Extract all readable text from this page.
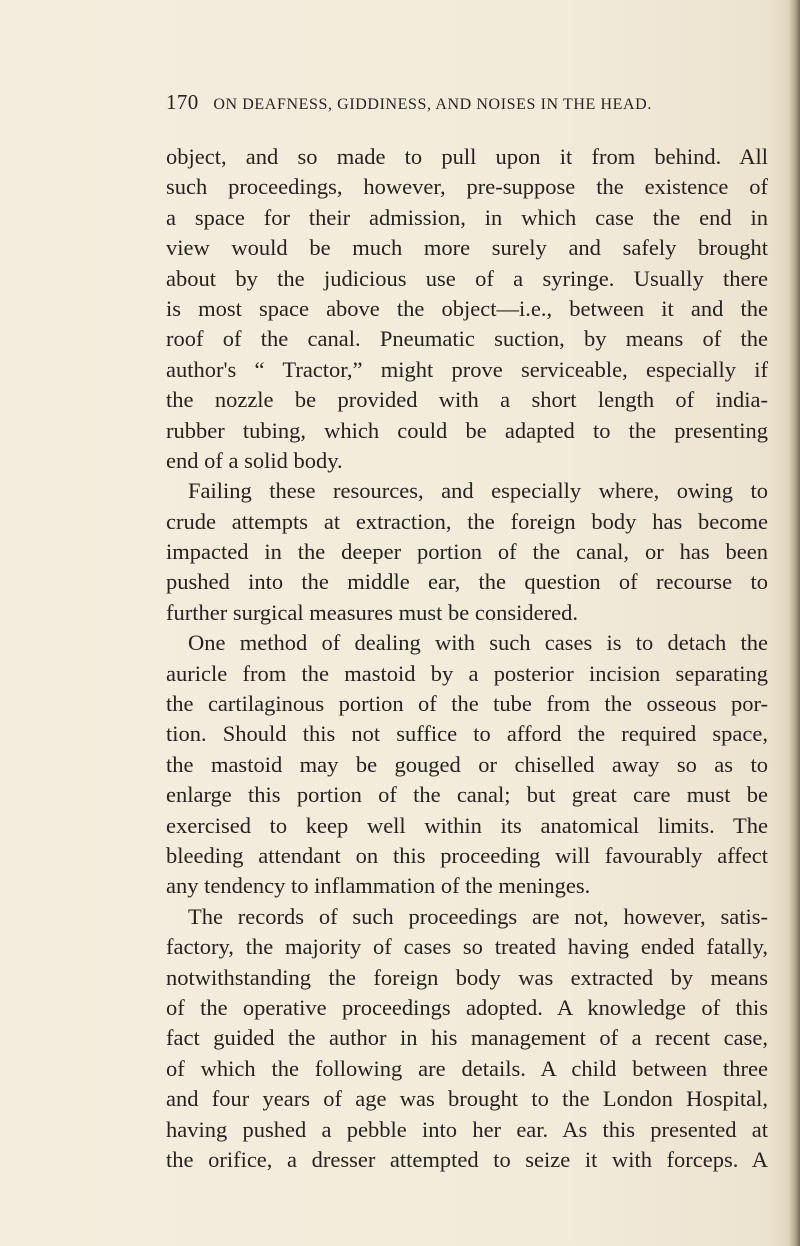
170 ON DEAFNESS, GIDDINESS, AND NOISES IN THE HEAD.
object, and so made to pull upon it from behind. All
such proceedings, however, pre-suppose the existence of
a space for their admission, in which case the end in
view would be much more surely and safely brought
about by the judicious use of a syringe. Usually there
is most space above the object—i.e., between it and the
roof of the canal. Pneumatic suction, by means of the
author's “ Tractor,” might prove serviceable, especially if
the nozzle be provided with a short length of india-
rubber tubing, which could be adapted to the presenting
end of a solid body.
Failing these resources, and especially where, owing to
crude attempts at extraction, the foreign body has become
impacted in the deeper portion of the canal, or has been
pushed into the middle ear, the question of recourse to
further surgical measures must be considered.
One method of dealing with such cases is to detach the
auricle from the mastoid by a posterior incision separating
the cartilaginous portion of the tube from the osseous por-
tion. Should this not suffice to afford the required space,
the mastoid may be gouged or chiselled away so as to
enlarge this portion of the canal; but great care must be
exercised to keep well within its anatomical limits. The
bleeding attendant on this proceeding will favourably affect
any tendency to inflammation of the meninges.
The records of such proceedings are not, however, satis-
factory, the majority of cases so treated having ended fatally,
notwithstanding the foreign body was extracted by means
of the operative proceedings adopted. A knowledge of this
fact guided the author in his management of a recent case,
of which the following are details. A child between three
and four years of age was brought to the London Hospital,
having pushed a pebble into her ear. As this presented at
the orifice, a dresser attempted to seize it with forceps. A
